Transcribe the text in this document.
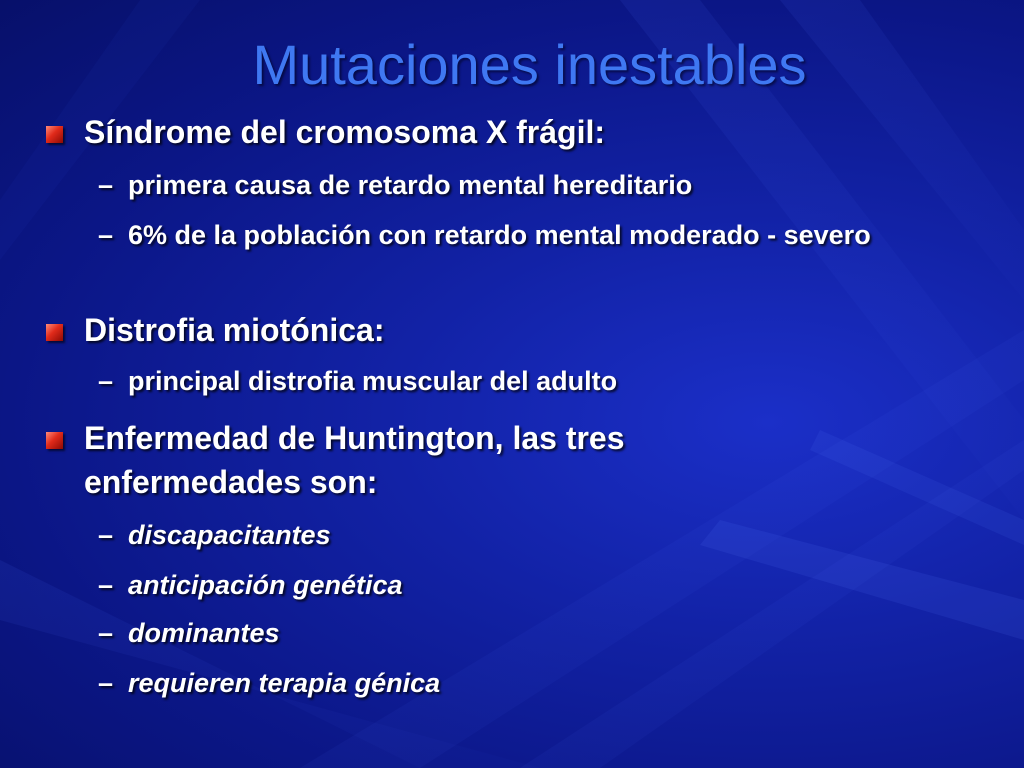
Mutaciones inestables
Síndrome del cromosoma X frágil:
– primera causa de retardo mental hereditario
– 6% de la población con retardo mental moderado - severo
Distrofia miotónica:
– principal distrofia muscular del adulto
Enfermedad de Huntington, las tres enfermedades son:
– discapacitantes
– anticipación genética
– dominantes
– requieren terapia génica
